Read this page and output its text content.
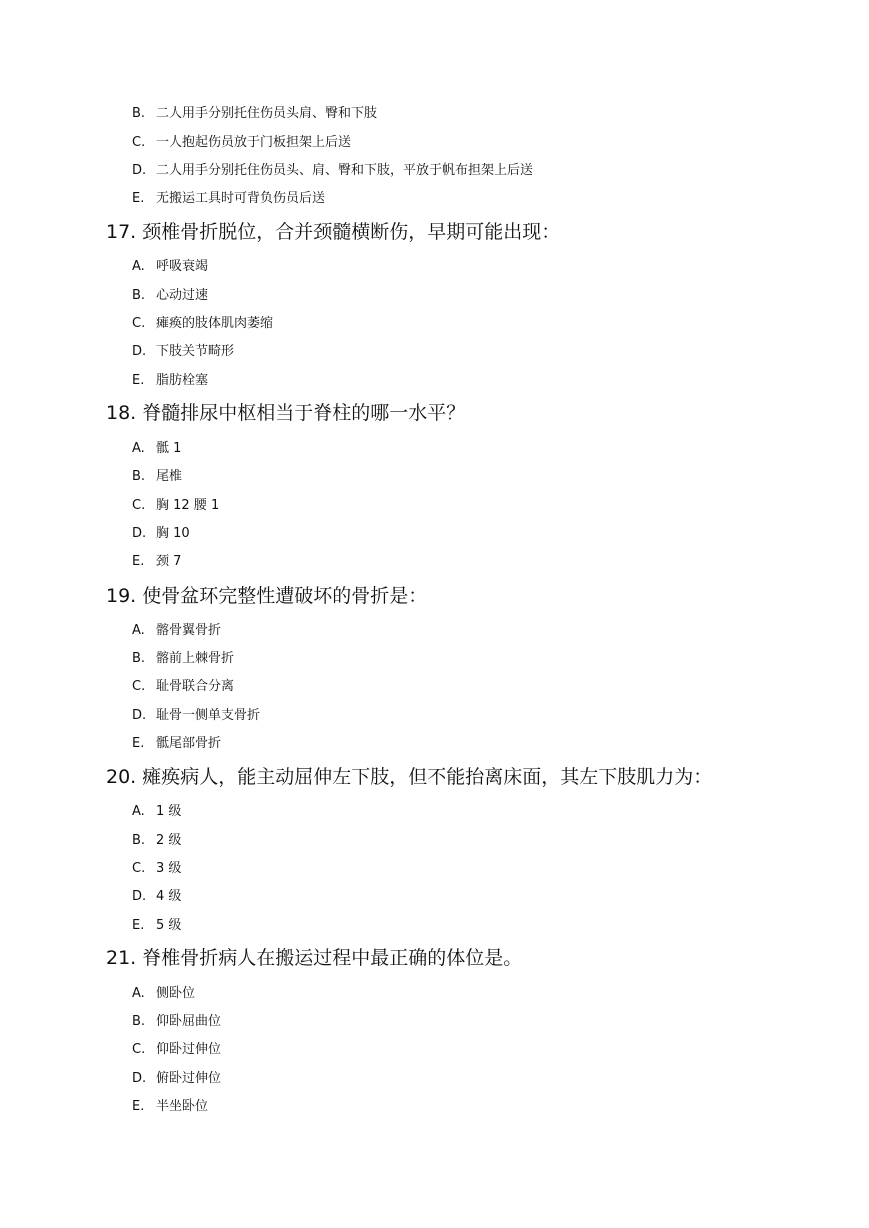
B. 二人用手分别托住伤员头肩、臀和下肢
C. 一人抱起伤员放于门板担架上后送
D. 二人用手分别托住伤员头、肩、臀和下肢，平放于帆布担架上后送
E. 无搬运工具时可背负伤员后送
17. 颈椎骨折脱位，合并颈髓横断伤，早期可能出现：
A. 呼吸衰竭
B. 心动过速
C. 瘫痪的肢体肌肉萎缩
D. 下肢关节畸形
E. 脂肪栓塞
18. 脊髓排尿中枢相当于脊柱的哪一水平？
A. 骶 1
B. 尾椎
C. 胸 12 腰 1
D. 胸 10
E. 颈 7
19. 使骨盆环完整性遭破坏的骨折是：
A. 髂骨翼骨折
B. 髂前上棘骨折
C. 耻骨联合分离
D. 耻骨一侧单支骨折
E. 骶尾部骨折
20. 瘫痪病人，能主动屈伸左下肢，但不能抬离床面，其左下肢肌力为：
A. 1 级
B. 2 级
C. 3 级
D. 4 级
E. 5 级
21. 脊椎骨折病人在搬运过程中最正确的体位是。
A. 侧卧位
B. 仰卧屈曲位
C. 仰卧过伸位
D. 俯卧过伸位
E. 半坐卧位
